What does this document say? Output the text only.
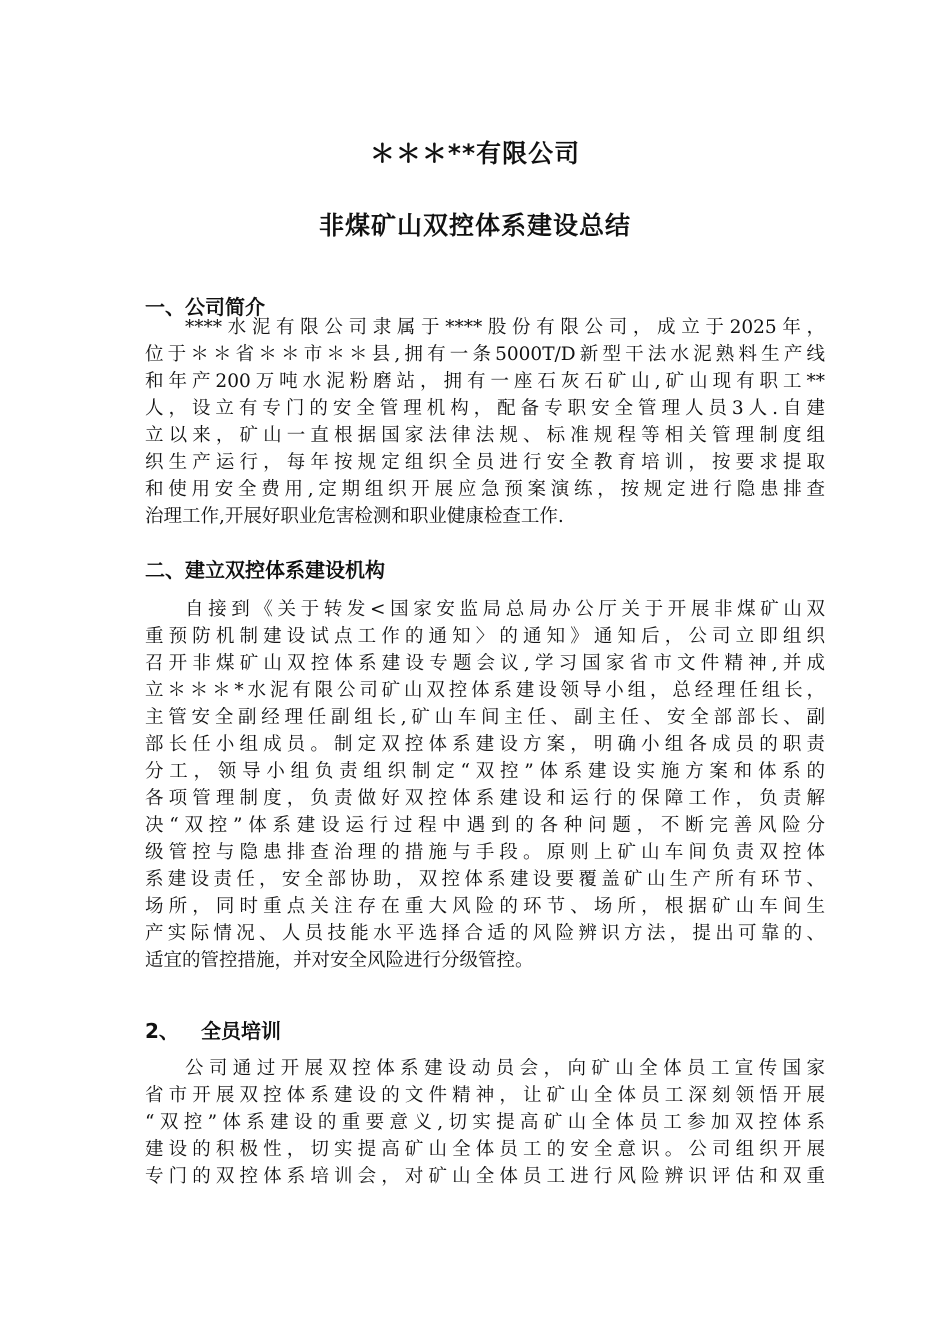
＊＊＊**有限公司
非煤矿山双控体系建设总结
一、公司简介
****水泥有限公司隶属于****股份有限公司，成立于2025年，
位于＊＊省＊＊市＊＊县,拥有一条5000T/D新型干法水泥熟料生产线
和年产200万吨水泥粉磨站，拥有一座石灰石矿山,矿山现有职工**
人，设立有专门的安全管理机构，配备专职安全管理人员3人.自建
立以来，矿山一直根据国家法律法规、标准规程等相关管理制度组
织生产运行，每年按规定组织全员进行安全教育培训，按要求提取
和使用安全费用,定期组织开展应急预案演练，按规定进行隐患排查
治理工作,开展好职业危害检测和职业健康检查工作.
二、建立双控体系建设机构
自接到《关于转发<国家安监局总局办公厅关于开展非煤矿山双
重预防机制建设试点工作的通知〉的通知》通知后，公司立即组织
召开非煤矿山双控体系建设专题会议,学习国家省市文件精神,并成
立＊＊＊*水泥有限公司矿山双控体系建设领导小组，总经理任组长，
主管安全副经理任副组长,矿山车间主任、副主任、安全部部长、副
部长任小组成员。制定双控体系建设方案，明确小组各成员的职责
分工，领导小组负责组织制定“双控”体系建设实施方案和体系的
各项管理制度，负责做好双控体系建设和运行的保障工作，负责解
决“双控”体系建设运行过程中遇到的各种问题，不断完善风险分
级管控与隐患排查治理的措施与手段。原则上矿山车间负责双控体
系建设责任，安全部协助，双控体系建设要覆盖矿山生产所有环节、
场所，同时重点关注存在重大风险的环节、场所，根据矿山车间生
产实际情况、人员技能水平选择合适的风险辨识方法，提出可靠的、
适宜的管控措施，并对安全风险进行分级管控。
2、 全员培训
公司通过开展双控体系建设动员会，向矿山全体员工宣传国家
省市开展双控体系建设的文件精神，让矿山全体员工深刻领悟开展
“双控”体系建设的重要意义,切实提高矿山全体员工参加双控体系
建设的积极性，切实提高矿山全体员工的安全意识。公司组织开展
专门的双控体系培训会，对矿山全体员工进行风险辨识评估和双重
